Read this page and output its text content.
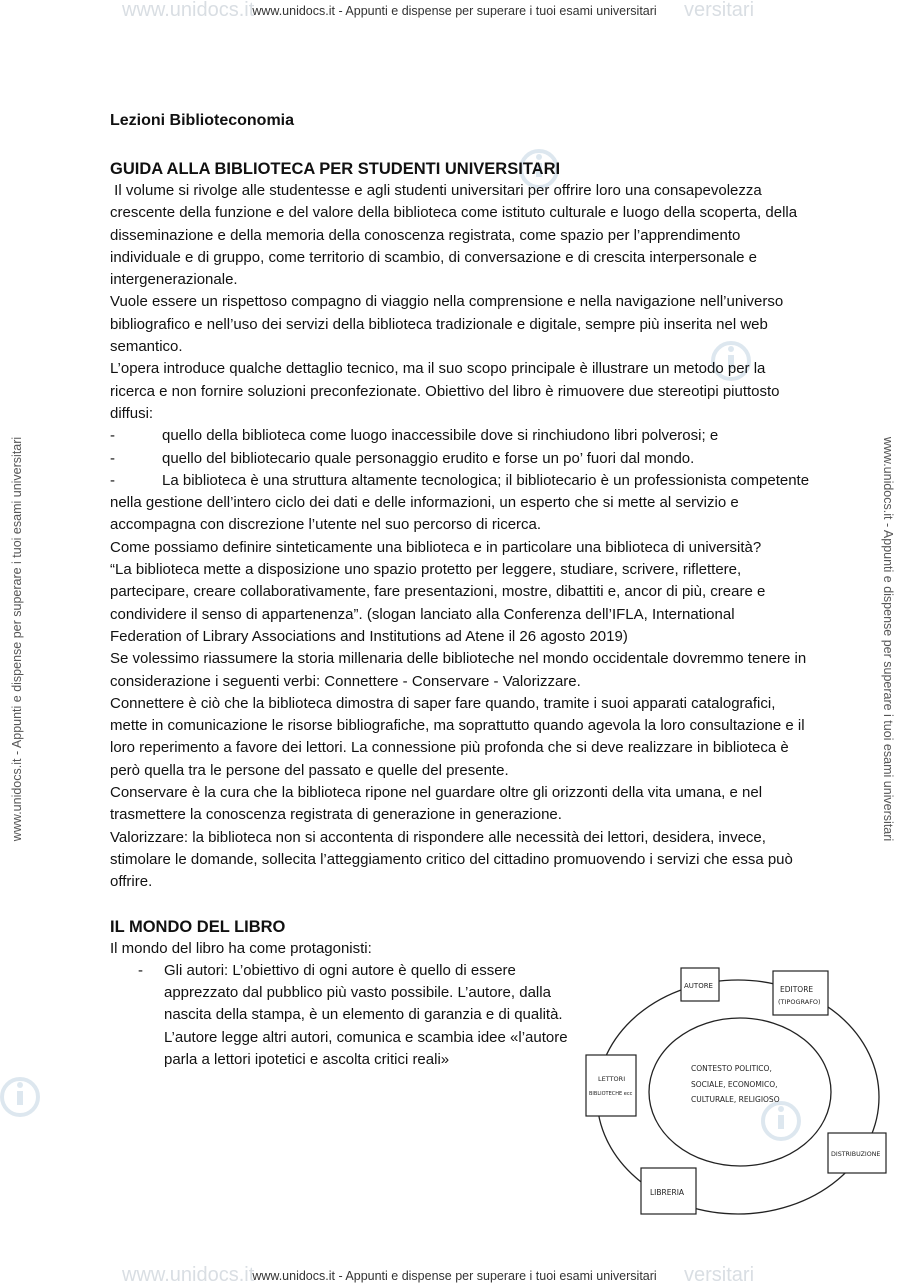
www.unidocs.it	versitari
www.unidocs.it - Appunti e dispense per superare i tuoi esami universitari
www.unidocs.it	versitari
www.unidocs.it - Appunti e dispense per superare i tuoi esami universitari
www.unidocs.it - Appunti e dispense per superare i tuoi esami universitari	www.unidocs.it - Appunti e dispense per superare i tuoi esami universitari
Lezioni Biblioteconomia
GUIDA ALLA BIBLIOTECA PER STUDENTI UNIVERSITARI

Il volume si rivolge alle studentesse e agli studenti universitari per offrire loro una consapevolezza crescente della funzione e del valore della biblioteca come istituto culturale e luogo della scoperta, della disseminazione e della memoria della conoscenza registrata, come spazio per l’apprendimento individuale e di gruppo, come territorio di scambio, di conversazione e di crescita interpersonale e intergenerazionale.

Vuole essere un rispettoso compagno di viaggio nella comprensione e nella navigazione nell’universo bibliografico e nell’uso dei servizi della biblioteca tradizionale e digitale, sempre più inserita nel web semantico.

L’opera introduce qualche dettaglio tecnico, ma il suo scopo principale è illustrare un metodo per la ricerca e non fornire soluzioni preconfezionate. Obiettivo del libro è rimuovere due stereotipi piuttosto diffusi:

-	quello della biblioteca come luogo inaccessibile dove si rinchiudono libri polverosi; e
-	quello del bibliotecario quale personaggio erudito e forse un po’ fuori dal mondo.
-	La biblioteca è una struttura altamente tecnologica; il bibliotecario è un professionista competente nella gestione dell’intero ciclo dei dati e delle informazioni, un esperto che si mette al servizio e accompagna con discrezione l’utente nel suo percorso di ricerca.

Come possiamo definire sinteticamente una biblioteca e in particolare una biblioteca di università?

“La biblioteca mette a disposizione uno spazio protetto per leggere, studiare, scrivere, riflettere, partecipare, creare collaborativamente, fare presentazioni, mostre, dibattiti e, ancor di più, creare e condividere il senso di appartenenza”. (slogan lanciato alla Conferenza dell’IFLA, International Federation of Library Associations and Institutions ad Atene il 26 agosto 2019)

Se volessimo riassumere la storia millenaria delle biblioteche nel mondo occidentale dovremmo tenere in considerazione i seguenti verbi: Connettere - Conservare - Valorizzare.

Connettere è ciò che la biblioteca dimostra di saper fare quando, tramite i suoi apparati catalografici, mette in comunicazione le risorse bibliografiche, ma soprattutto quando agevola la loro consultazione e il loro reperimento a favore dei lettori. La connessione più profonda che si deve realizzare in biblioteca è però quella tra le persone del passato e quelle del presente.

Conservare è la cura che la biblioteca ripone nel guardare oltre gli orizzonti della vita umana, e nel trasmettere la conoscenza registrata di generazione in generazione.

Valorizzare: la biblioteca non si accontenta di rispondere alle necessità dei lettori, desidera, invece, stimolare le domande, sollecita l’atteggiamento critico del cittadino promuovendo i servizi che essa può offrire.

IL MONDO DEL LIBRO

Il mondo del libro ha come protagonisti:

-	Gli autori: L’obiettivo di ogni autore è quello di essere apprezzato dal pubblico più vasto possibile. L’autore, dalla nascita della stampa, è un elemento di garanzia e di qualità. L’autore legge altri autori, comunica e scambia idee «l’autore parla a lettori ipotetici e ascolta critici reali»
CONTESTO POLITICO,
SOCIALE, ECONOMICO,
CULTURALE, RELIGIOSO
AUTORE	EDITORE
(TIPOGRAFO)
LETTORI
BIBLIOTECHE ecc
DISTRIBUZIONE
LIBRERIA
